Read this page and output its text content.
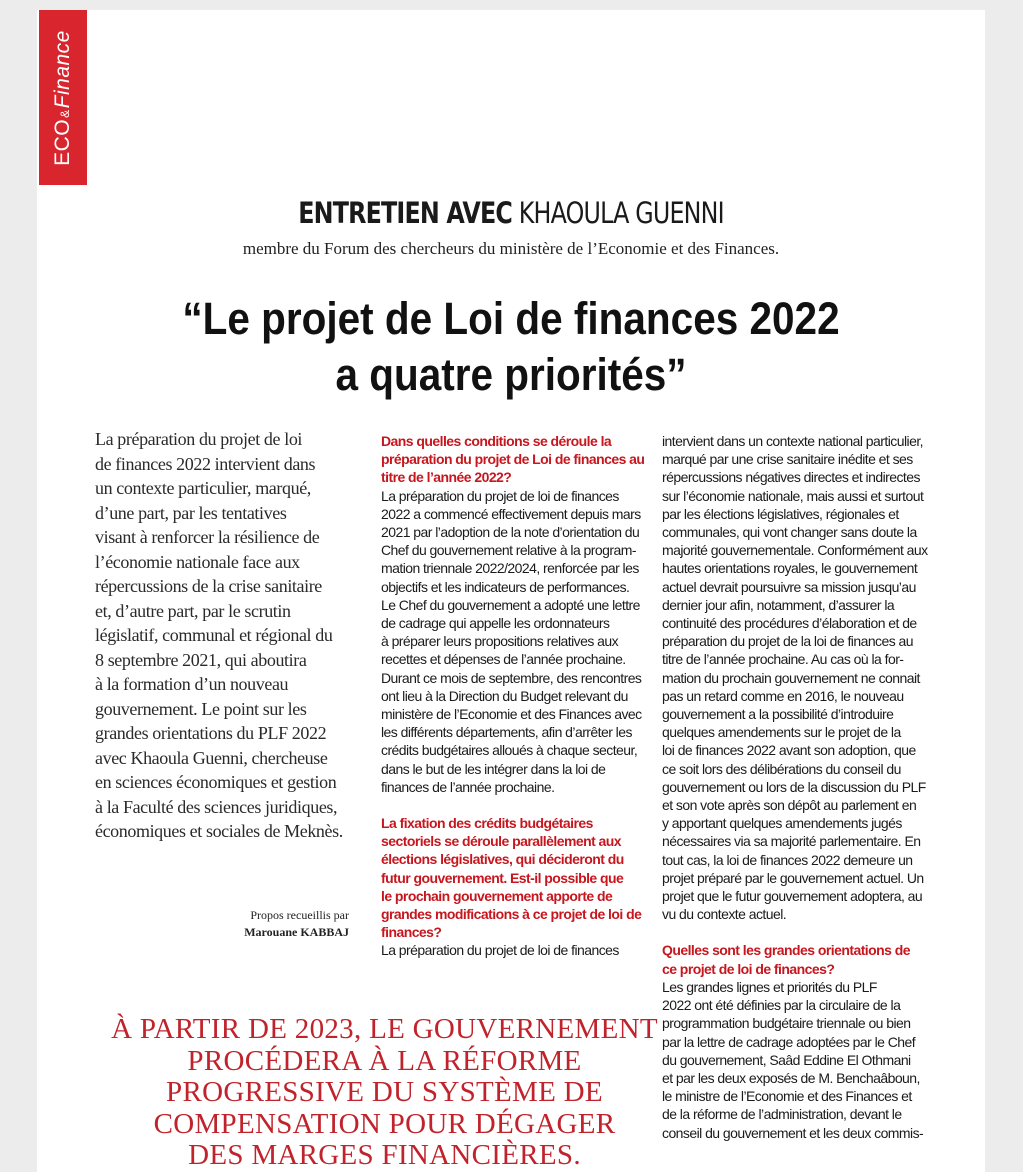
ECO&Finance
ENTRETIEN AVEC KHAOULA GUENNI
membre du Forum des chercheurs du ministère de l’Economie et des Finances.
“Le projet de Loi de finances 2022
a quatre priorités”
La préparation du projet de loi
de finances 2022 intervient dans
un contexte particulier, marqué,
d’une part, par les tentatives
visant à renforcer la résilience de
l’économie nationale face aux
répercussions de la crise sanitaire
et, d’autre part, par le scrutin
législatif, communal et régional du
8 septembre 2021, qui aboutira
à la formation d’un nouveau
gouvernement. Le point sur les
grandes orientations du PLF 2022
avec Khaoula Guenni, chercheuse
en sciences économiques et gestion
à la Faculté des sciences juridiques,
économiques et sociales de Meknès.
Propos recueillis par
Marouane KABBAJ
Dans quelles conditions se déroule la
préparation du projet de Loi de finances au
titre de l’année 2022?
La préparation du projet de loi de finances
2022 a commencé effectivement depuis mars
2021 par l’adoption de la note d’orientation du
Chef du gouvernement relative à la program-
mation triennale 2022/2024, renforcée par les
objectifs et les indicateurs de performances.
Le Chef du gouvernement a adopté une lettre
de cadrage qui appelle les ordonnateurs
à préparer leurs propositions relatives aux
recettes et dépenses de l’année prochaine.
Durant ce mois de septembre, des rencontres
ont lieu à la Direction du Budget relevant du
ministère de l’Economie et des Finances avec
les différents départements, afin d’arrêter les
crédits budgétaires alloués à chaque secteur,
dans le but de les intégrer dans la loi de
finances de l’année prochaine.
La fixation des crédits budgétaires
sectoriels se déroule parallèlement aux
élections législatives, qui décideront du
futur gouvernement. Est-il possible que
le prochain gouvernement apporte de
grandes modifications à ce projet de loi de
finances?
La préparation du projet de loi de finances
intervient dans un contexte national particulier,
marqué par une crise sanitaire inédite et ses
répercussions négatives directes et indirectes
sur l’économie nationale, mais aussi et surtout
par les élections législatives, régionales et
communales, qui vont changer sans doute la
majorité gouvernementale. Conformément aux
hautes orientations royales, le gouvernement
actuel devrait poursuivre sa mission jusqu’au
dernier jour afin, notamment, d’assurer la
continuité des procédures d’élaboration et de
préparation du projet de la loi de finances au
titre de l’année prochaine. Au cas où la for-
mation du prochain gouvernement ne connait
pas un retard comme en 2016, le nouveau
gouvernement a la possibilité d’introduire
quelques amendements sur le projet de la
loi de finances 2022 avant son adoption, que
ce soit lors des délibérations du conseil du
gouvernement ou lors de la discussion du PLF
et son vote après son dépôt au parlement en
y apportant quelques amendements jugés
nécessaires via sa majorité parlementaire. En
tout cas, la loi de finances 2022 demeure un
projet préparé par le gouvernement actuel. Un
projet que le futur gouvernement adoptera, au
vu du contexte actuel.
Quelles sont les grandes orientations de
ce projet de loi de finances?
Les grandes lignes et priorités du PLF
2022 ont été définies par la circulaire de la
programmation budgétaire triennale ou bien
par la lettre de cadrage adoptées par le Chef
du gouvernement, Saâd Eddine El Othmani
et par les deux exposés de M. Benchaâboun,
le ministre de l’Economie et des Finances et
de la réforme de l’administration, devant le
conseil du gouvernement et les deux commis-
À PARTIR DE 2023, LE GOUVERNEMENT
PROCÉDERA À LA RÉFORME
PROGRESSIVE DU SYSTÈME DE
COMPENSATION POUR DÉGAGER
DES MARGES FINANCIÈRES.
